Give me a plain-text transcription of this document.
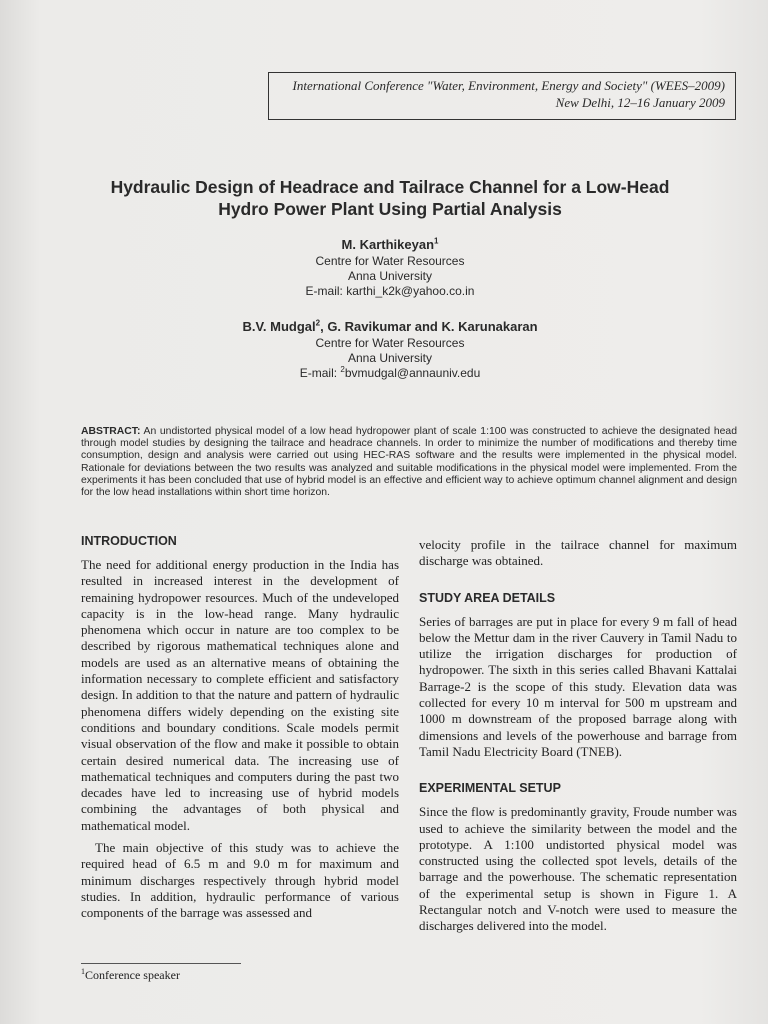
International Conference "Water, Environment, Energy and Society" (WEES–2009)
New Delhi, 12–16 January 2009
Hydraulic Design of Headrace and Tailrace Channel for a Low-Head
Hydro Power Plant Using Partial Analysis
M. Karthikeyan$^1$
Centre for Water Resources
Anna University
E-mail: karthi_k2k@yahoo.co.in
B.V. Mudgal$^2$, G. Ravikumar and K. Karunakaran
Centre for Water Resources
Anna University
E-mail: $^2$bvmudgal@annauniv.edu
ABSTRACT: An undistorted physical model of a low head hydropower plant of scale 1:100 was constructed to achieve the designated head through model studies by designing the tailrace and headrace channels. In order to minimize the number of modifications and thereby time consumption, design and analysis were carried out using HEC-RAS software and the results were implemented in the physical model. Rationale for deviations between the two results was analyzed and suitable modifications in the physical model were implemented. From the experiments it has been concluded that use of hybrid model is an effective and efficient way to achieve optimum channel alignment and design for the low head installations within short time horizon.
INTRODUCTION

The need for additional energy production in the India has resulted in increased interest in the development of remaining hydropower resources. Much of the undeveloped capacity is in the low-head range. Many hydraulic phenomena which occur in nature are too complex to be described by rigorous mathematical techniques alone and models are used as an alternative means of obtaining the information necessary to complete efficient and satisfactory design. In addition to that the nature and pattern of hydraulic phenomena differs widely depending on the existing site conditions and boundary conditions. Scale models permit visual observation of the flow and make it possible to obtain certain desired numerical data. The increasing use of mathematical techniques and computers during the past two decades have led to increasing use of hybrid models combining the advantages of both physical and mathematical model.

The main objective of this study was to achieve the required head of 6.5 m and 9.0 m for maximum and minimum discharges respectively through hybrid model studies. In addition, hydraulic performance of various components of the barrage was assessed and

velocity profile in the tailrace channel for maximum discharge was obtained.

STUDY AREA DETAILS

Series of barrages are put in place for every 9 m fall of head below the Mettur dam in the river Cauvery in Tamil Nadu to utilize the irrigation discharges for production of hydropower. The sixth in this series called Bhavani Kattalai Barrage-2 is the scope of this study. Elevation data was collected for every 10 m interval for 500 m upstream and 1000 m downstream of the proposed barrage along with dimensions and levels of the powerhouse and barrage from Tamil Nadu Electricity Board (TNEB).

EXPERIMENTAL SETUP

Since the flow is predominantly gravity, Froude number was used to achieve the similarity between the model and the prototype. A 1:100 undistorted physical model was constructed using the collected spot levels, details of the barrage and the powerhouse. The schematic representation of the experimental setup is shown in Figure 1. A Rectangular notch and V-notch were used to measure the discharges delivered into the model.

$^1$Conference speaker
